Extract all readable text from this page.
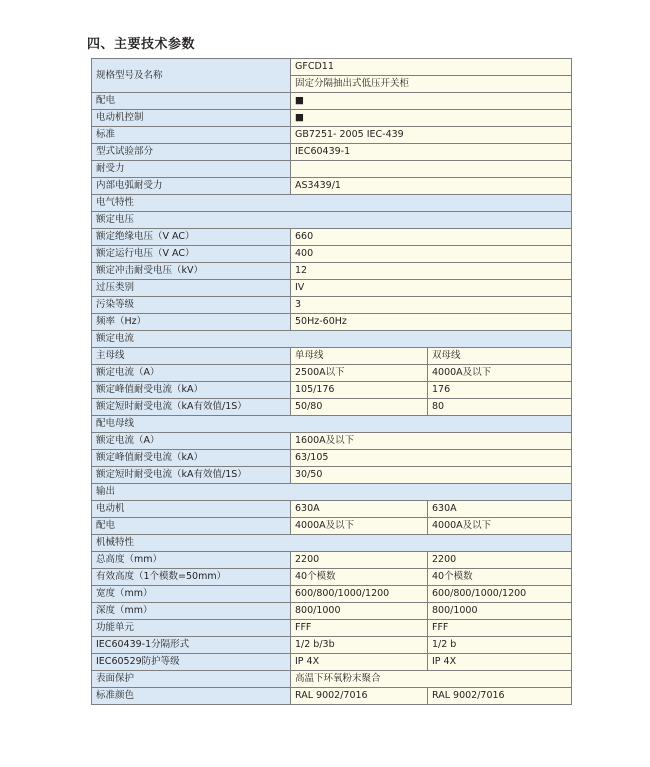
四、主要技术参数
规格型号及名称	GFCD11	
	固定分隔抽出式低压开关柜	
配电	■	
电动机控制	■	
标准	GB7251- 2005 IEC-439	
型式试验部分	IEC60439-1	
耐受力		
内部电弧耐受力	AS3439/1	
电气特性		
额定电压		
额定绝缘电压（V AC）	660	
额定运行电压（V AC）	400	
额定冲击耐受电压（kV）	12	
过压类别	IV	
污染等级	3	
频率（Hz）	50Hz-60Hz	
额定电流		
主母线	单母线	双母线
额定电流（A）	2500A以下	4000A及以下
额定峰值耐受电流（kA）	105/176	176
额定短时耐受电流（kA有效值/1S）	50/80	80
配电母线		
额定电流（A）	1600A及以下	
额定峰值耐受电流（kA）	63/105	
额定短时耐受电流（kA有效值/1S）	30/50	
输出		
电动机	630A	630A
配电	4000A及以下	4000A及以下
机械特性		
总高度（mm）	2200	2200
有效高度（1个模数=50mm）	40个模数	40个模数
宽度（mm）	600/800/1000/1200	600/800/1000/1200
深度（mm）	800/1000	800/1000
功能单元	FFF	FFF
IEC60439-1分隔形式	1/2 b/3b	1/2 b
IEC60529防护等级	IP 4X	IP 4X
表面保护	高温下环氧粉末聚合	
标准颜色	RAL 9002/7016	RAL 9002/7016
